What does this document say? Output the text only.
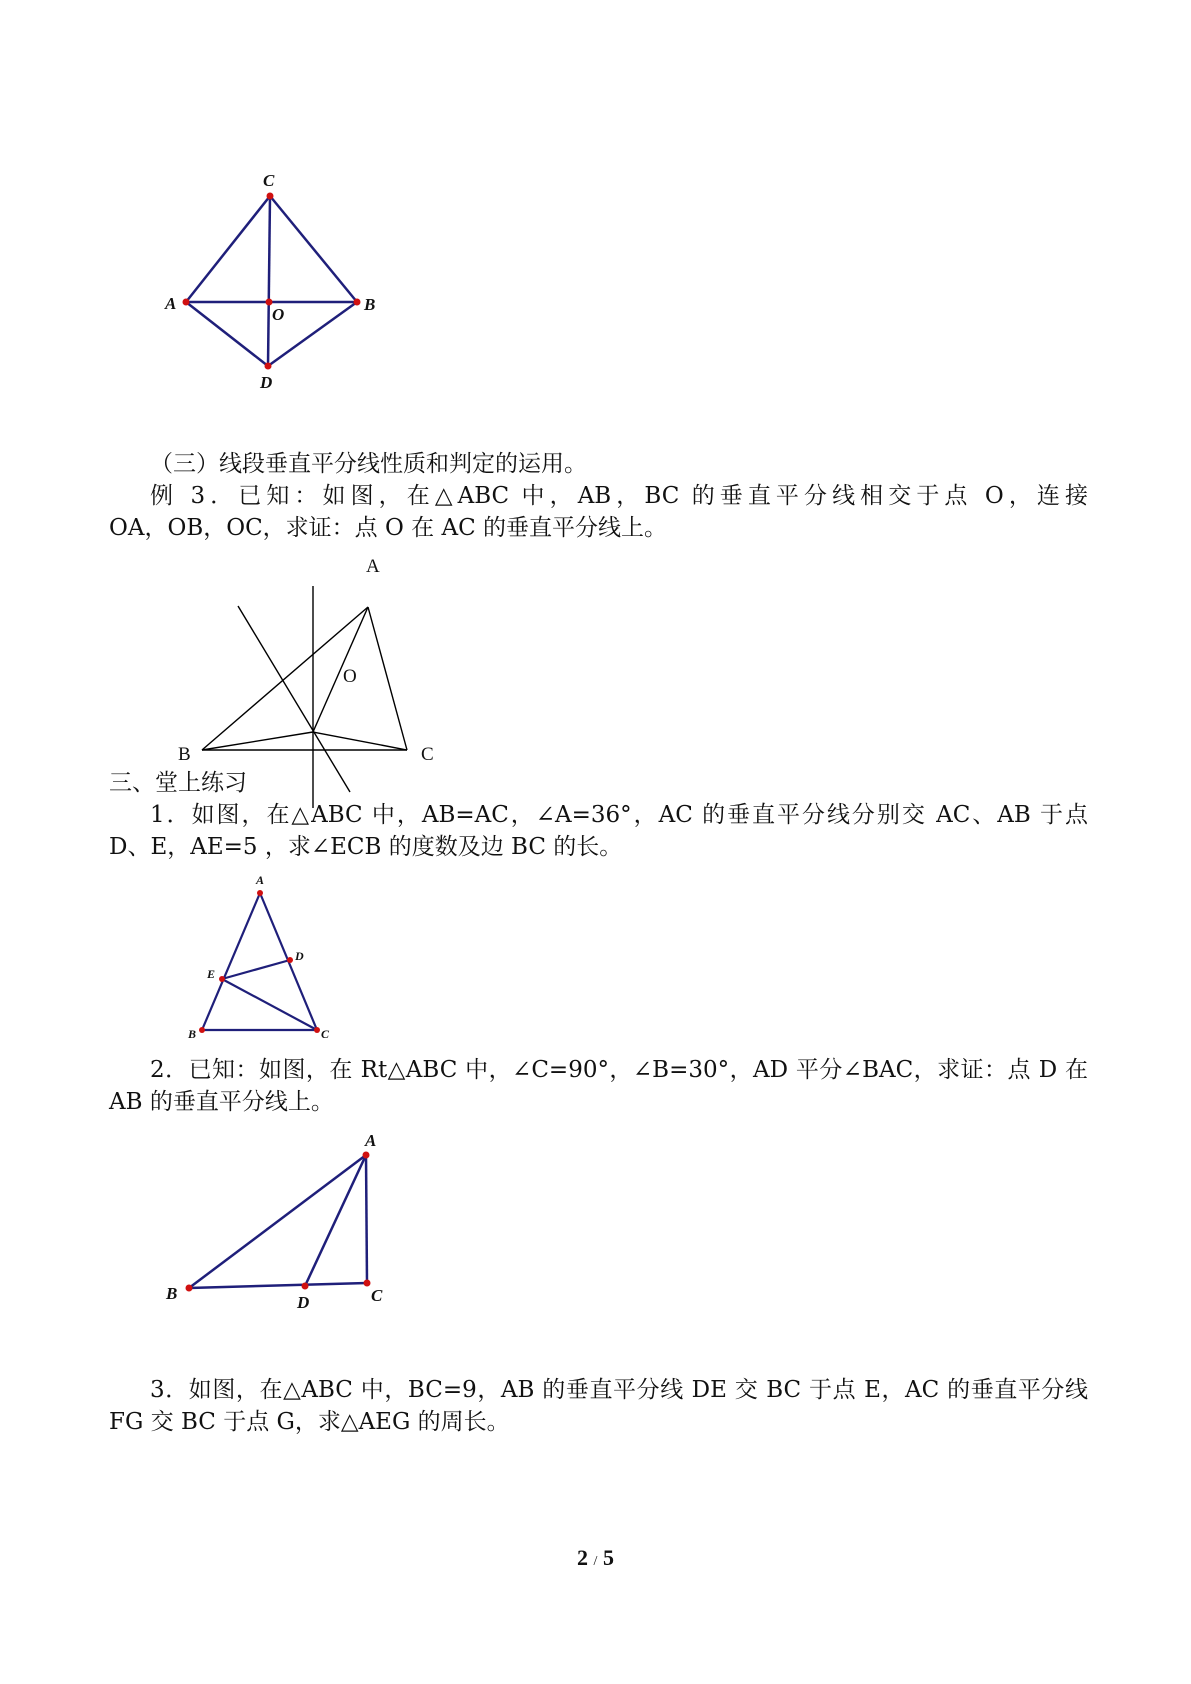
C
A
O
B
D
（三）线段垂直平分线性质和判定的运用。
例 3．已知：如图，在△ABC 中，AB，BC 的垂直平分线相交于点 O，连接
OA，OB，OC，求证：点 O 在 AC 的垂直平分线上。
A
O
B	C
三、堂上练习
1．如图，在△ABC 中，AB=AC，∠A=36°，AC 的垂直平分线分别交 AC、AB 于点
D、E，AE=5 ，求∠ECB 的度数及边 BC 的长。
A
D
E
B	C
2．已知：如图，在 Rt△ABC 中，∠C=90°，∠B=30°，AD 平分∠BAC，求证：点 D 在
AB 的垂直平分线上。
A
B	D	C
3．如图，在△ABC 中，BC=9，AB 的垂直平分线 DE 交 BC 于点 E，AC 的垂直平分线
FG 交 BC 于点 G，求△AEG 的周长。
2 / 5
